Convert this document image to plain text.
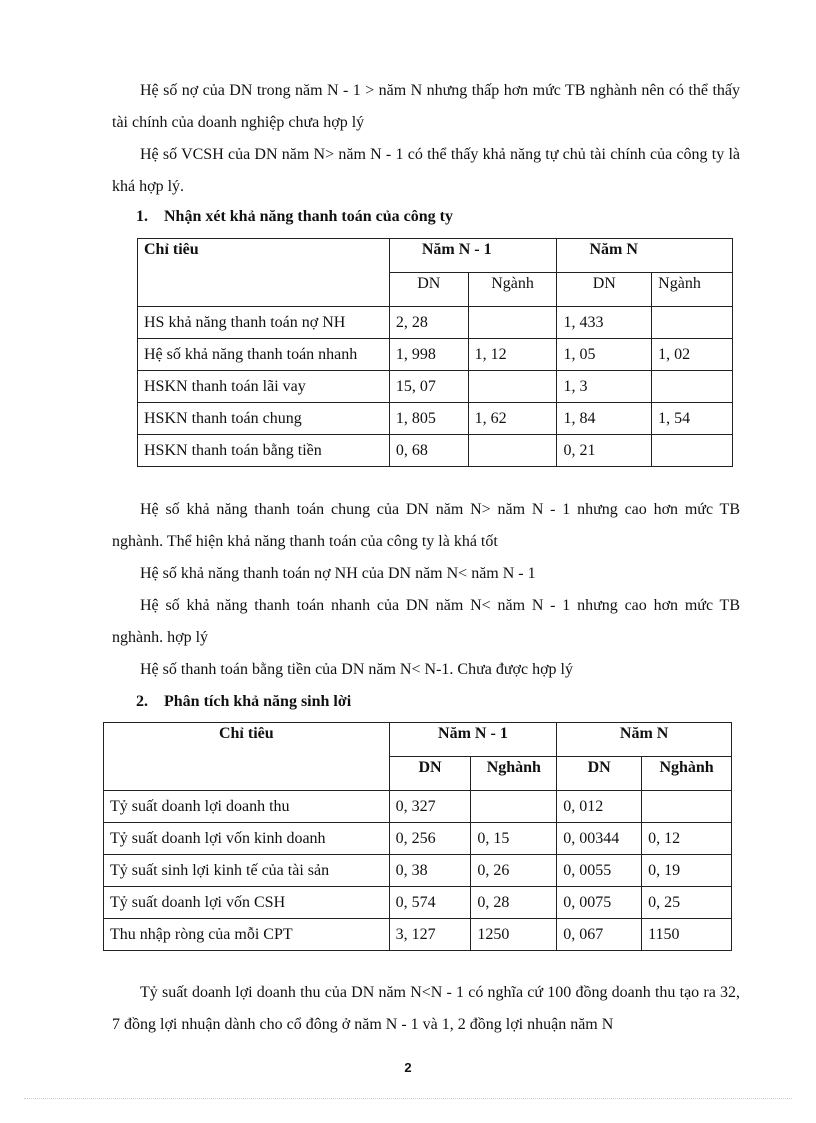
Hệ số nợ của DN trong năm N - 1 > năm N nhưng thấp hơn mức TB nghành nên có thể thấy tài chính của doanh nghiệp chưa hợp lý

Hệ số VCSH của DN năm N> năm N - 1 có thể thấy khả năng tự chủ tài chính của công ty là khá hợp lý.

1. Nhận xét khả năng thanh toán của công ty

Chỉ tiêu	Năm N - 1		Năm N	
	DN	Ngành	DN	Ngành
HS khả năng thanh toán nợ NH	2, 28		1, 433	
Hệ số khả năng thanh toán nhanh	1, 998	1, 12	1, 05	1, 02
HSKN thanh toán lãi vay	15, 07		1, 3	
HSKN thanh toán chung	1, 805	1, 62	1, 84	1, 54
HSKN thanh toán bằng tiền	0, 68		0, 21	

Hệ số khả năng thanh toán chung của DN năm N> năm N - 1 nhưng cao hơn mức TB nghành. Thể hiện khả năng thanh toán của công ty là khá tốt

Hệ số khả năng thanh toán nợ NH của DN năm N< năm N - 1

Hệ số khả năng thanh toán nhanh của DN năm N< năm N - 1 nhưng cao hơn mức TB nghành. hợp lý

Hệ số thanh toán bằng tiền của DN năm N< N-1. Chưa được hợp lý

2. Phân tích khả năng sinh lời

Chỉ tiêu	Năm N - 1		Năm N	
	DN	Nghành	DN	Nghành
Tỷ suất doanh lợi doanh thu	0, 327		0, 012	
Tỷ suất doanh lợi vốn kinh doanh	0, 256	0, 15	0, 00344	0, 12
Tỷ suất sinh lợi kinh tế của tài sản	0, 38	0, 26	0, 0055	0, 19
Tỷ suất doanh lợi vốn CSH	0, 574	0, 28	0, 0075	0, 25
Thu nhập ròng của mỗi CPT	3, 127	1250	0, 067	1150

Tỷ suất doanh lợi doanh thu của DN năm N<N - 1 có nghĩa cứ 100 đồng doanh thu tạo ra 32, 7 đồng lợi nhuận dành cho cổ đông ở năm N - 1 và 1, 2 đồng lợi nhuận năm N

2
